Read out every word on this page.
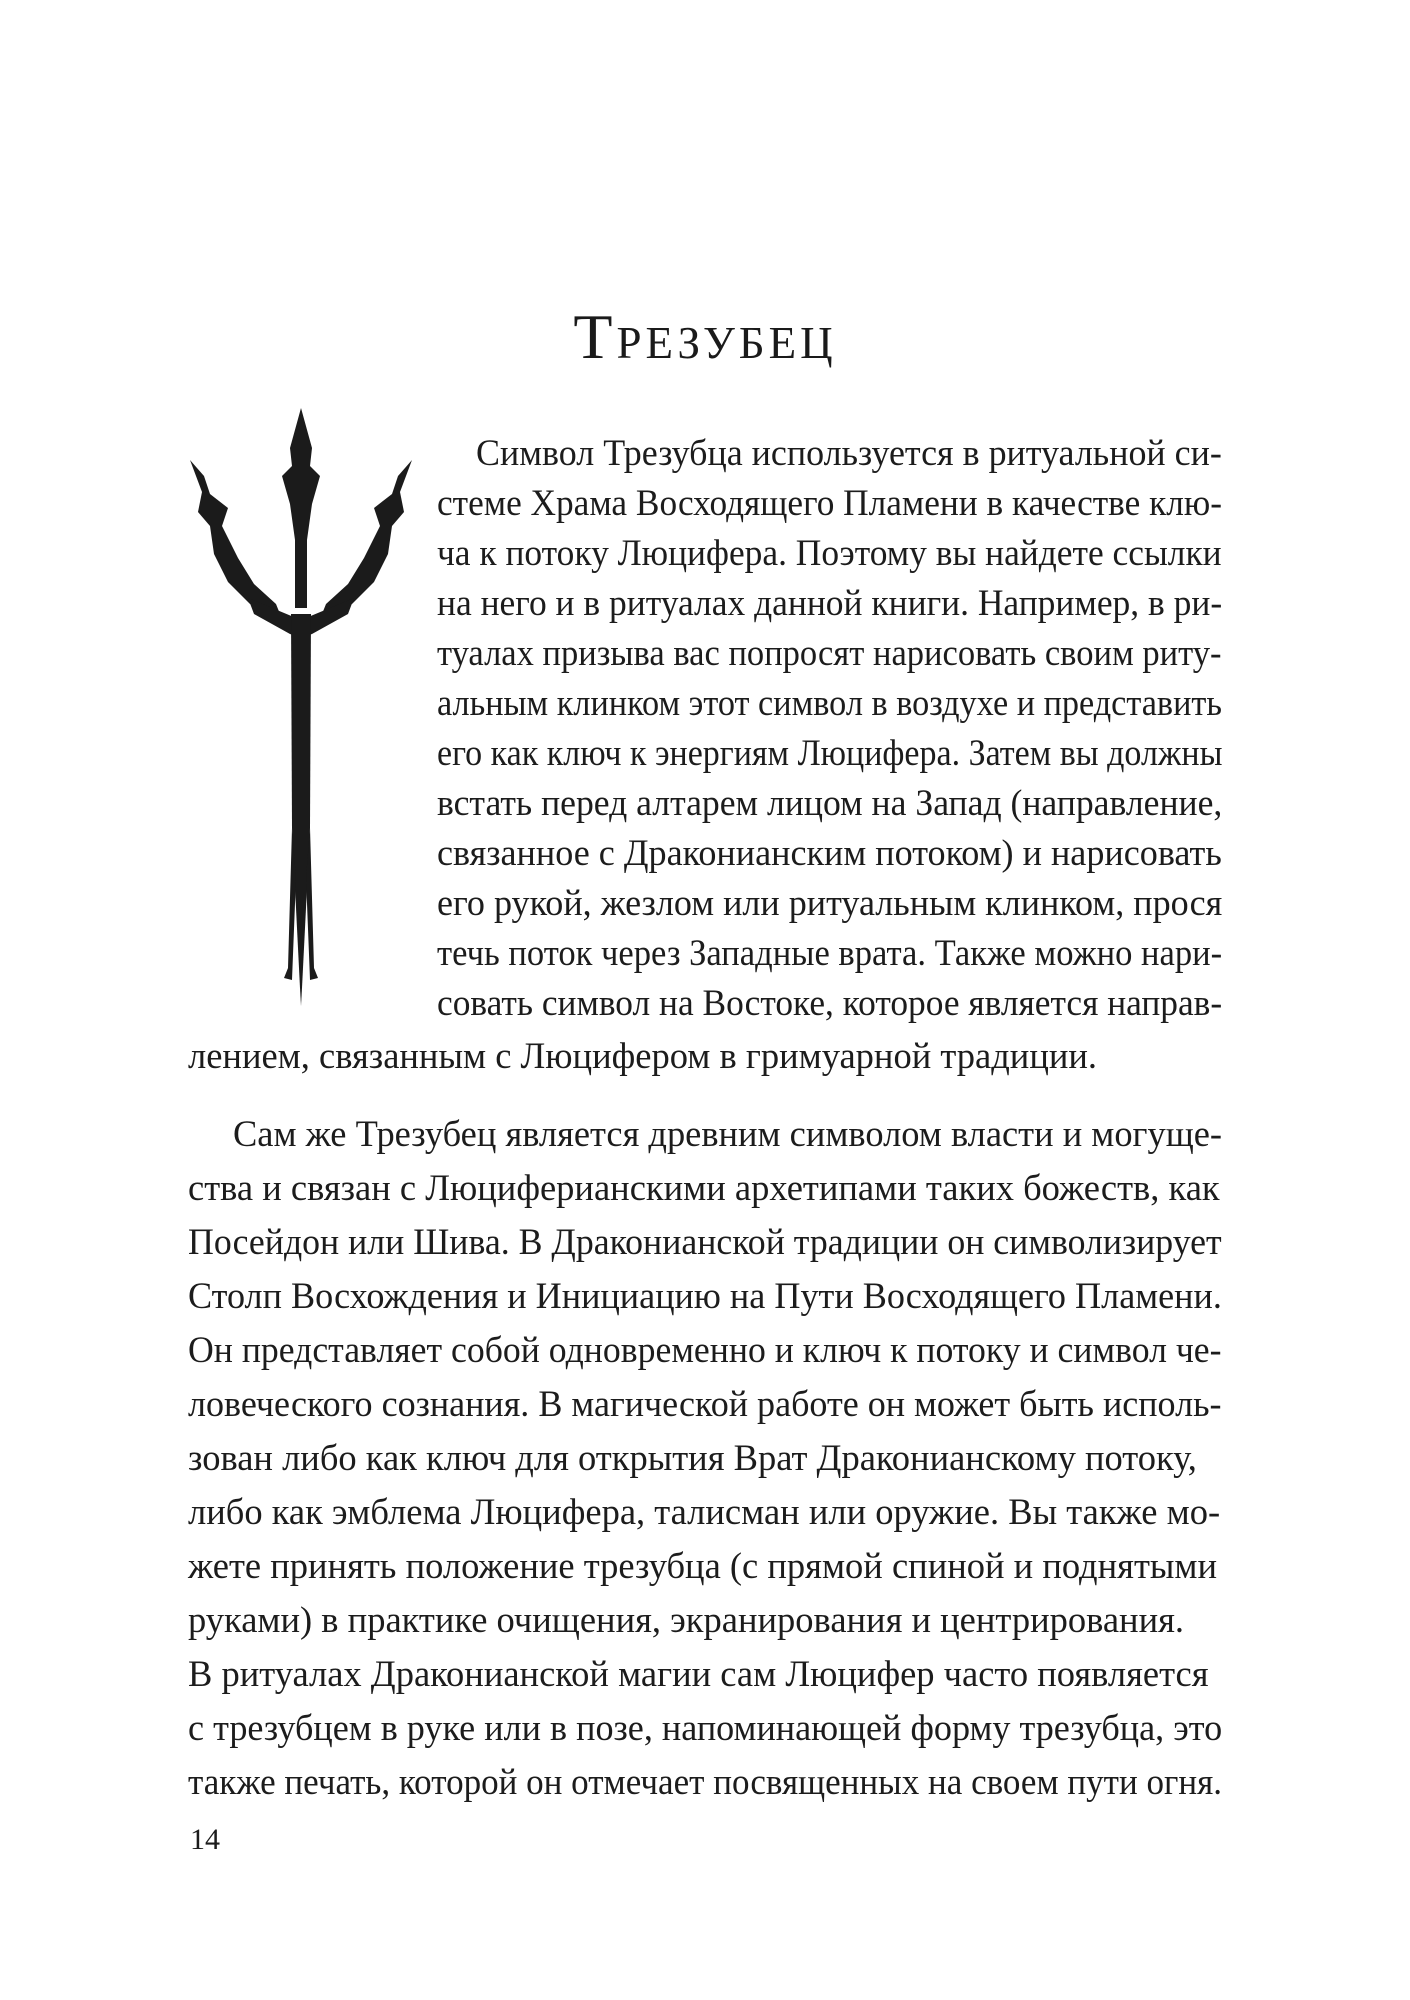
Трезубец
Символ Трезубца используется в ритуальной си-
стеме Храма Восходящего Пламени в качестве клю-
ча к потоку Люцифера. Поэтому вы найдете ссылки
на него и в ритуалах данной книги. Например, в ри-
туалах призыва вас попросят нарисовать своим риту-
альным клинком этот символ в воздухе и представить
его как ключ к энергиям Люцифера. Затем вы должны
встать перед алтарем лицом на Запад (направление,
связанное с Драконианским потоком) и нарисовать
его рукой, жезлом или ритуальным клинком, прося
течь поток через Западные врата. Также можно нари-
совать символ на Востоке, которое является направ-
лением, связанным с Люцифером в гримуарной традиции.
Сам же Трезубец является древним символом власти и могуще-
ства и связан с Люциферианскими архетипами таких божеств, как
Посейдон или Шива. В Драконианской традиции он символизирует
Столп Восхождения и Инициацию на Пути Восходящего Пламени.
Он представляет собой одновременно и ключ к потоку и символ че-
ловеческого сознания. В магической работе он может быть исполь-
зован либо как ключ для открытия Врат Драконианскому потоку,
либо как эмблема Люцифера, талисман или оружие. Вы также мо-
жете принять положение трезубца (с прямой спиной и поднятыми
руками) в практике очищения, экранирования и центрирования.
В ритуалах Драконианской магии сам Люцифер часто появляется
с трезубцем в руке или в позе, напоминающей форму трезубца, это
также печать, которой он отмечает посвященных на своем пути огня.
14
